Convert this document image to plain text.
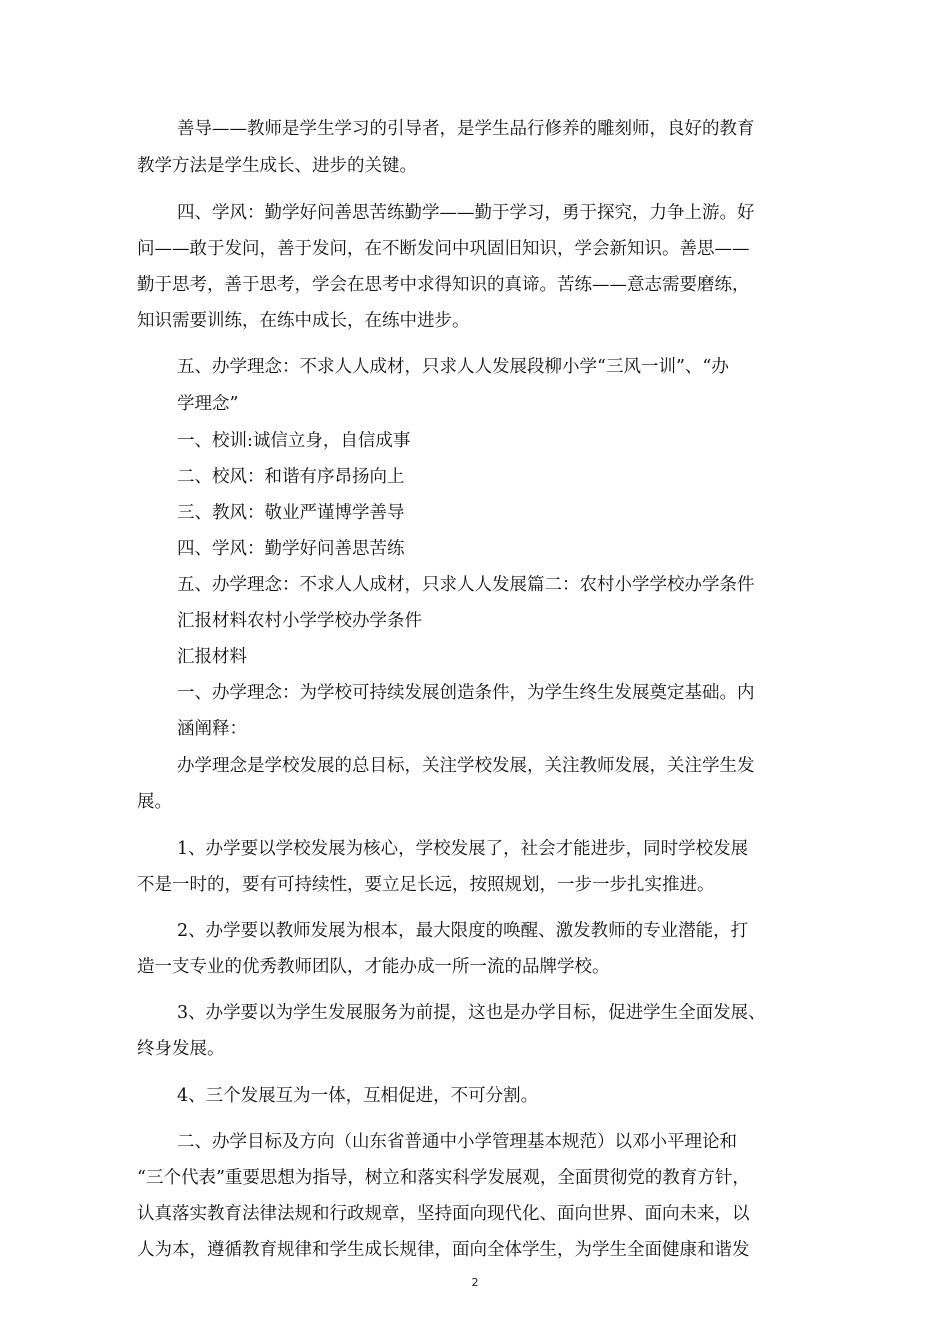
善导——教师是学生学习的引导者，是学生品行修养的雕刻师，良好的教育
教学方法是学生成长、进步的关键。
四、学风：勤学好问善思苦练勤学——勤于学习，勇于探究，力争上游。好
问——敢于发问，善于发问，在不断发问中巩固旧知识，学会新知识。善思——
勤于思考，善于思考，学会在思考中求得知识的真谛。苦练——意志需要磨练，
知识需要训练，在练中成长，在练中进步。
五、办学理念：不求人人成材，只求人人发展段柳小学“三风一训”、“办
学理念”
一、校训:诚信立身，自信成事
二、校风：和谐有序昂扬向上
三、教风：敬业严谨博学善导
四、学风：勤学好问善思苦练
五、办学理念：不求人人成材，只求人人发展篇二：农村小学学校办学条件
汇报材料农村小学学校办学条件
汇报材料
一、办学理念：为学校可持续发展创造条件，为学生终生发展奠定基础。内
涵阐释：
办学理念是学校发展的总目标，关注学校发展，关注教师发展，关注学生发
展。
1、办学要以学校发展为核心，学校发展了，社会才能进步，同时学校发展
不是一时的，要有可持续性，要立足长远，按照规划，一步一步扎实推进。
2、办学要以教师发展为根本，最大限度的唤醒、激发教师的专业潜能，打
造一支专业的优秀教师团队，才能办成一所一流的品牌学校。
3、办学要以为学生发展服务为前提，这也是办学目标，促进学生全面发展、
终身发展。
4、三个发展互为一体，互相促进，不可分割。
二、办学目标及方向（山东省普通中小学管理基本规范）以邓小平理论和
“三个代表”重要思想为指导，树立和落实科学发展观，全面贯彻党的教育方针，
认真落实教育法律法规和行政规章，坚持面向现代化、面向世界、面向未来，以
人为本，遵循教育规律和学生成长规律，面向全体学生，为学生全面健康和谐发
2
